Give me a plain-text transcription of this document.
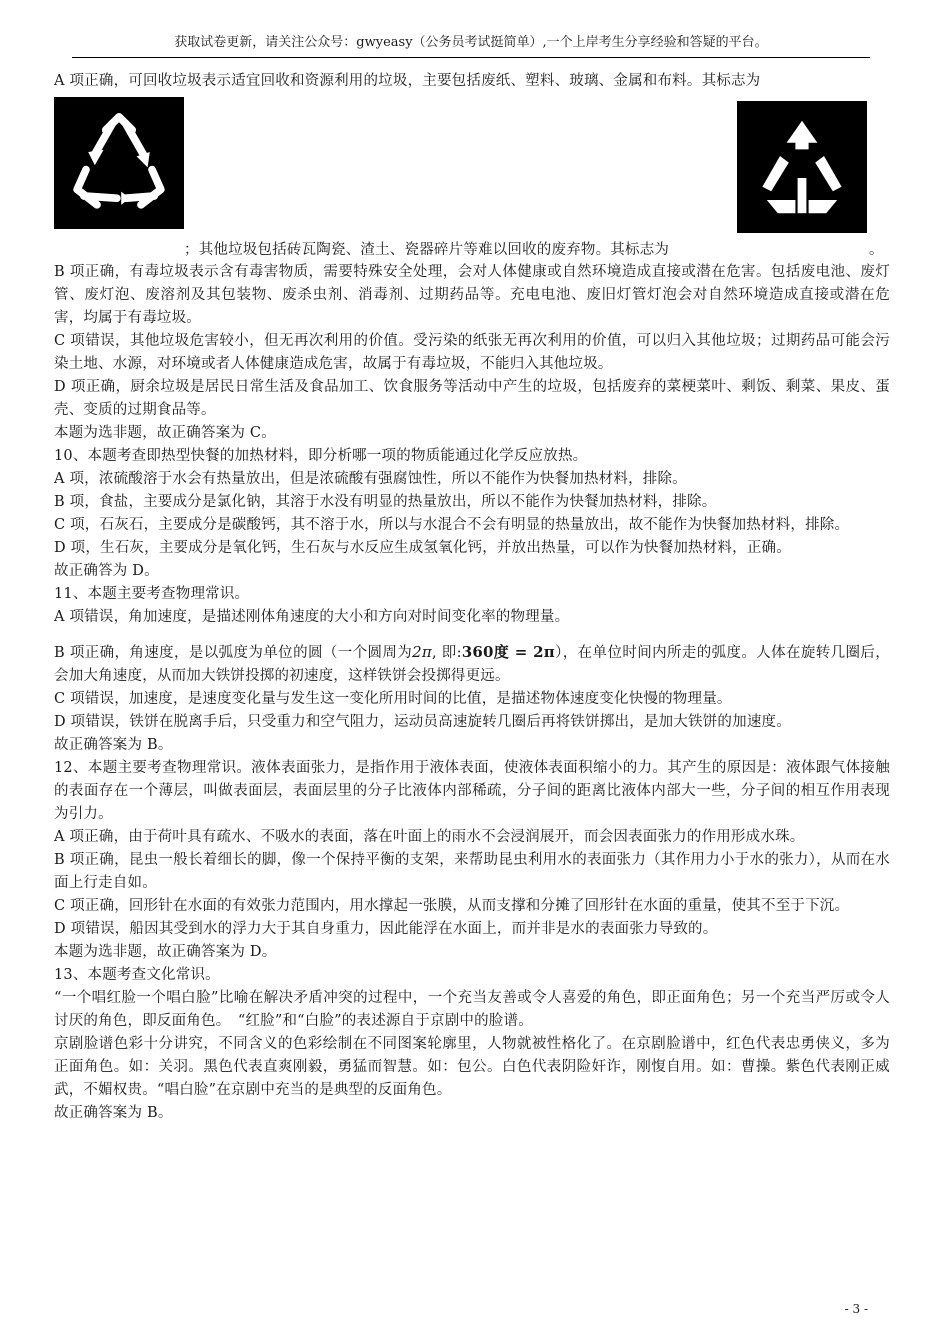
获取试卷更新，请关注公众号：gwyeasy（公务员考试挺简单）,一个上岸考生分享经验和答疑的平台。

A 项正确，可回收垃圾表示适宜回收和资源利用的垃圾，主要包括废纸、塑料、玻璃、金属和布料。其标志为

；其他垃圾包括砖瓦陶瓷、渣土、瓷器碎片等难以回收的废弃物。其标志为	。

B 项正确，有毒垃圾表示含有毒害物质，需要特殊安全处理，会对人体健康或自然环境造成直接或潜在危害。包括废电池、废灯管、废灯泡、废溶剂及其包装物、废杀虫剂、消毒剂、过期药品等。充电电池、废旧灯管灯泡会对自然环境造成直接或潜在危害，均属于有毒垃圾。

C 项错误，其他垃圾危害较小，但无再次利用的价值。受污染的纸张无再次利用的价值，可以归入其他垃圾；过期药品可能会污染土地、水源，对环境或者人体健康造成危害，故属于有毒垃圾，不能归入其他垃圾。

D 项正确，厨余垃圾是居民日常生活及食品加工、饮食服务等活动中产生的垃圾，包括废弃的菜梗菜叶、剩饭、剩菜、果皮、蛋壳、变质的过期食品等。

本题为选非题，故正确答案为 C。

10、本题考查即热型快餐的加热材料，即分析哪一项的物质能通过化学反应放热。

A 项，浓硫酸溶于水会有热量放出，但是浓硫酸有强腐蚀性，所以不能作为快餐加热材料，排除。

B 项，食盐，主要成分是氯化钠，其溶于水没有明显的热量放出，所以不能作为快餐加热材料，排除。

C 项，石灰石，主要成分是碳酸钙，其不溶于水，所以与水混合不会有明显的热量放出，故不能作为快餐加热材料，排除。

D 项，生石灰，主要成分是氧化钙，生石灰与水反应生成氢氧化钙，并放出热量，可以作为快餐加热材料，正确。

故正确答为 D。

11、本题主要考查物理常识。

A 项错误，角加速度，是描述刚体角速度的大小和方向对时间变化率的物理量。

B 项正确，角速度，是以弧度为单位的圆（一个圆周为2π, 即:360度 = 2π），在单位时间内所走的弧度。人体在旋转几圈后，会加大角速度，从而加大铁饼投掷的初速度，这样铁饼会投掷得更远。

C 项错误，加速度，是速度变化量与发生这一变化所用时间的比值，是描述物体速度变化快慢的物理量。

D 项错误，铁饼在脱离手后，只受重力和空气阻力，运动员高速旋转几圈后再将铁饼掷出，是加大铁饼的加速度。

故正确答案为 B。

12、本题主要考查物理常识。液体表面张力，是指作用于液体表面，使液体表面积缩小的力。其产生的原因是：液体跟气体接触的表面存在一个薄层，叫做表面层，表面层里的分子比液体内部稀疏，分子间的距离比液体内部大一些，分子间的相互作用表现为引力。

A 项正确，由于荷叶具有疏水、不吸水的表面，落在叶面上的雨水不会浸润展开，而会因表面张力的作用形成水珠。

B 项正确，昆虫一般长着细长的脚，像一个保持平衡的支架，来帮助昆虫利用水的表面张力（其作用力小于水的张力），从而在水面上行走自如。

C 项正确，回形针在水面的有效张力范围内，用水撑起一张膜，从而支撑和分摊了回形针在水面的重量，使其不至于下沉。

D 项错误，船因其受到水的浮力大于其自身重力，因此能浮在水面上，而并非是水的表面张力导致的。

本题为选非题，故正确答案为 D。

13、本题考查文化常识。

“一个唱红脸一个唱白脸”比喻在解决矛盾冲突的过程中，一个充当友善或令人喜爱的角色，即正面角色；另一个充当严厉或令人讨厌的角色，即反面角色。　“红脸”和“白脸”的表述源自于京剧中的脸谱。

京剧脸谱色彩十分讲究，不同含义的色彩绘制在不同图案轮廓里，人物就被性格化了。在京剧脸谱中，红色代表忠勇侠义，多为正面角色。如：关羽。黑色代表直爽刚毅，勇猛而智慧。如：包公。白色代表阴险奸诈，刚愎自用。如：曹操。紫色代表刚正威武，不媚权贵。“唱白脸”在京剧中充当的是典型的反面角色。

故正确答案为 B。

- 3 -
